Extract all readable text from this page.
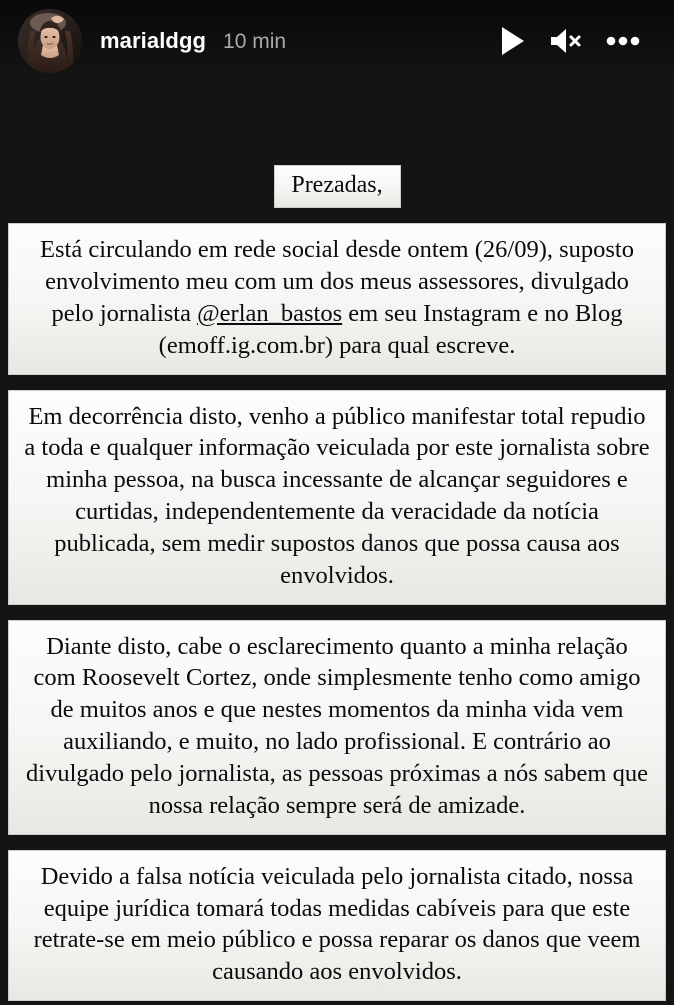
marialdgg 10 min
Prezadas,
Está circulando em rede social desde ontem (26/09), suposto envolvimento meu com um dos meus assessores, divulgado pelo jornalista @erlan_bastos em seu Instagram e no Blog (emoff.ig.com.br) para qual escreve.
Em decorrência disto, venho a público manifestar total repudio a toda e qualquer informação veiculada por este jornalista sobre minha pessoa, na busca incessante de alcançar seguidores e curtidas, independentemente da veracidade da notícia publicada, sem medir supostos danos que possa causa aos envolvidos.
Diante disto, cabe o esclarecimento quanto a minha relação com Roosevelt Cortez, onde simplesmente tenho como amigo de muitos anos e que nestes momentos da minha vida vem auxiliando, e muito, no lado profissional. E contrário ao divulgado pelo jornalista, as pessoas próximas a nós sabem que nossa relação sempre será de amizade.
Devido a falsa notícia veiculada pelo jornalista citado, nossa equipe jurídica tomará todas medidas cabíveis para que este retrate-se em meio público e possa reparar os danos que veem causando aos envolvidos.
